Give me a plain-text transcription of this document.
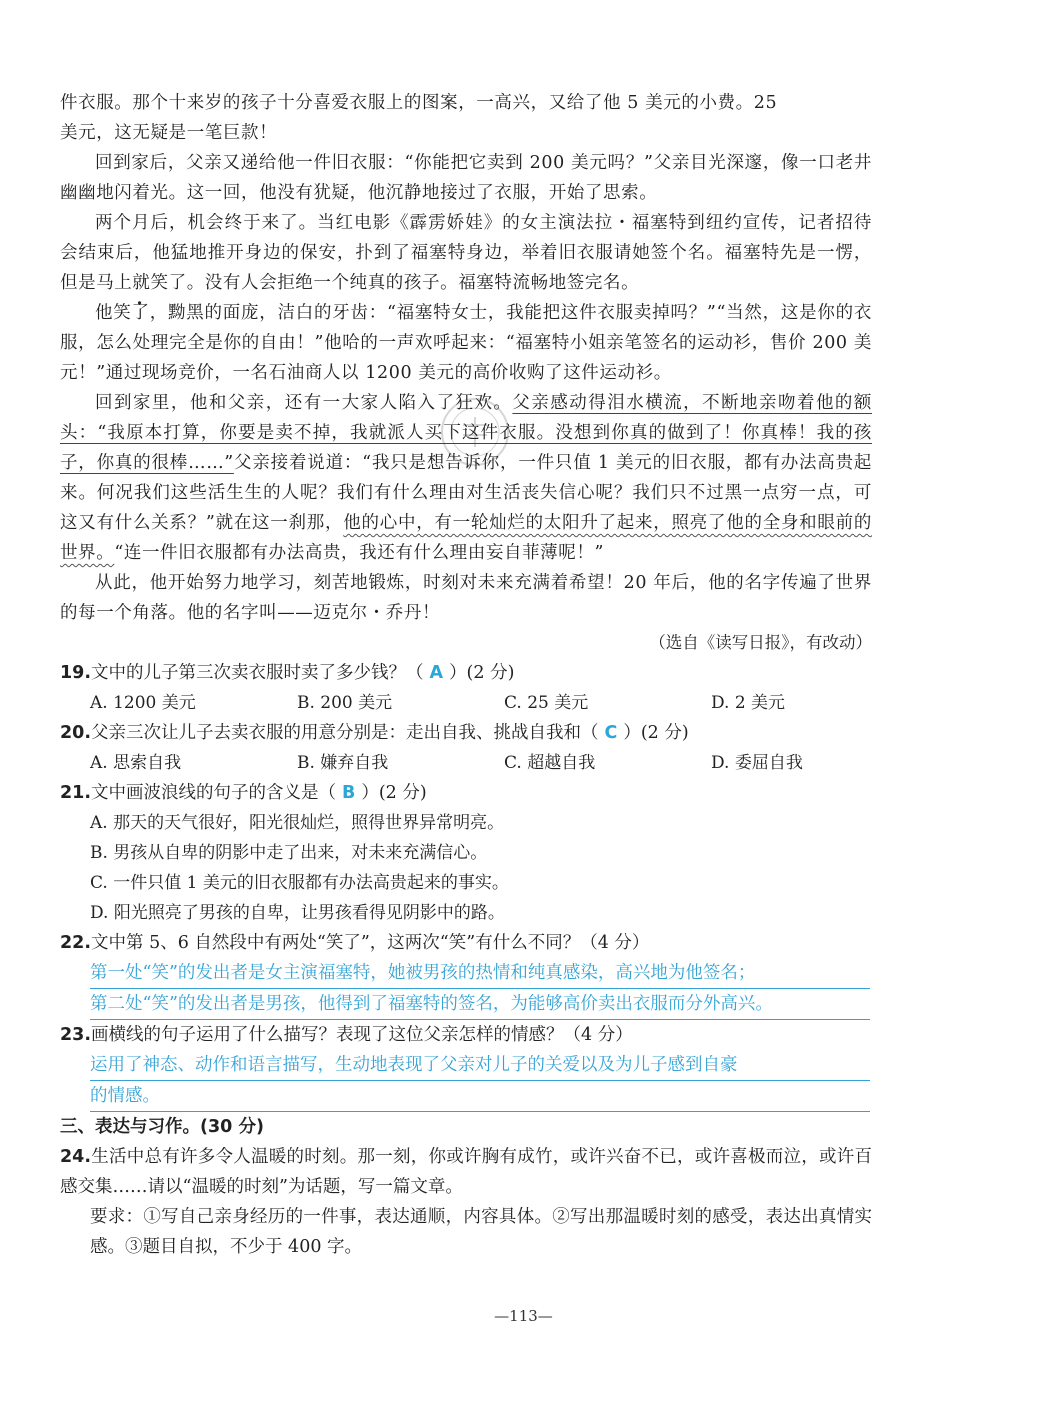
件衣服。那个十来岁的孩子十分喜爱衣服上的图案，一高兴，又给了他 5 美元的小费。25
美元，这无疑是一笔巨款！

回到家后，父亲又递给他一件旧衣服：“你能把它卖到 200 美元吗？”父亲目光深邃，像一口老井幽幽地闪着光。这一回，他没有犹疑，他沉静地接过了衣服，开始了思索。

两个月后，机会终于来了。当红电影《霹雳娇娃》的女主演法拉・福塞特到纽约宣传，记者招待会结束后，他猛地推开身边的保安，扑到了福塞特身边，举着旧衣服请她签个名。福塞特先是一愣，但是马上就笑了。没有人会拒绝一个纯真的孩子。福塞特流畅地签完名。

他笑了，黝黑的面庞，洁白的牙齿：“福塞特女士，我能把这件衣服卖掉吗？”“当然，这是你的衣服，怎么处理完全是你的自由！”他哈的一声欢呼起来：“福塞特小姐亲笔签名的运动衫，售价 200 美元！”通过现场竞价，一名石油商人以 1200 美元的高价收购了这件运动衫。

回到家里，他和父亲，还有一大家人陷入了狂欢。父亲感动得泪水横流，不断地亲吻着他的额头：“我原本打算，你要是卖不掉，我就派人买下这件衣服。没想到你真的做到了！你真棒！我的孩子，你真的很棒……”父亲接着说道：“我只是想告诉你，一件只值 1 美元的旧衣服，都有办法高贵起来。何况我们这些活生生的人呢？我们有什么理由对生活丧失信心呢？我们只不过黑一点穷一点，可这又有什么关系？”就在这一刹那，他的心中，有一轮灿烂的太阳升了起来，照亮了他的全身和眼前的世界。“连一件旧衣服都有办法高贵，我还有什么理由妄自菲薄呢！”

从此，他开始努力地学习，刻苦地锻炼，时刻对未来充满着希望！20 年后，他的名字传遍了世界的每一个角落。他的名字叫——迈克尔・乔丹！

（选自《读写日报》，有改动）

19.文中的儿子第三次卖衣服时卖了多少钱？（ A ）(2 分)

A. 1200 美元	B. 200 美元	C. 25 美元	D. 2 美元

20.父亲三次让儿子去卖衣服的用意分别是：走出自我、挑战自我和（ C ）(2 分)

A. 思索自我	B. 嫌弃自我	C. 超越自我	D. 委屈自我

21.文中画波浪线的句子的含义是（ B ）(2 分)

A. 那天的天气很好，阳光很灿烂，照得世界异常明亮。

B. 男孩从自卑的阴影中走了出来，对未来充满信心。

C. 一件只值 1 美元的旧衣服都有办法高贵起来的事实。

D. 阳光照亮了男孩的自卑，让男孩看得见阴影中的路。

22.文中第 5、6 自然段中有两处“笑了”，这两次“笑”有什么不同？（4 分）

第一处“笑”的发出者是女主演福塞特，她被男孩的热情和纯真感染，高兴地为他签名；
第二处“笑”的发出者是男孩，他得到了福塞特的签名，为能够高价卖出衣服而分外高兴。

23.画横线的句子运用了什么描写？表现了这位父亲怎样的情感？（4 分）

运用了神态、动作和语言描写，生动地表现了父亲对儿子的关爱以及为儿子感到自豪
的情感。

三、表达与习作。(30 分)

24.生活中总有许多令人温暖的时刻。那一刻，你或许胸有成竹，或许兴奋不已，或许喜极而泣，或许百感交集……请以“温暖的时刻”为话题，写一篇文章。

要求：①写自己亲身经历的一件事，表达通顺，内容具体。②写出那温暖时刻的感受，表达出真情实感。③题目自拟，不少于 400 字。

—113—
